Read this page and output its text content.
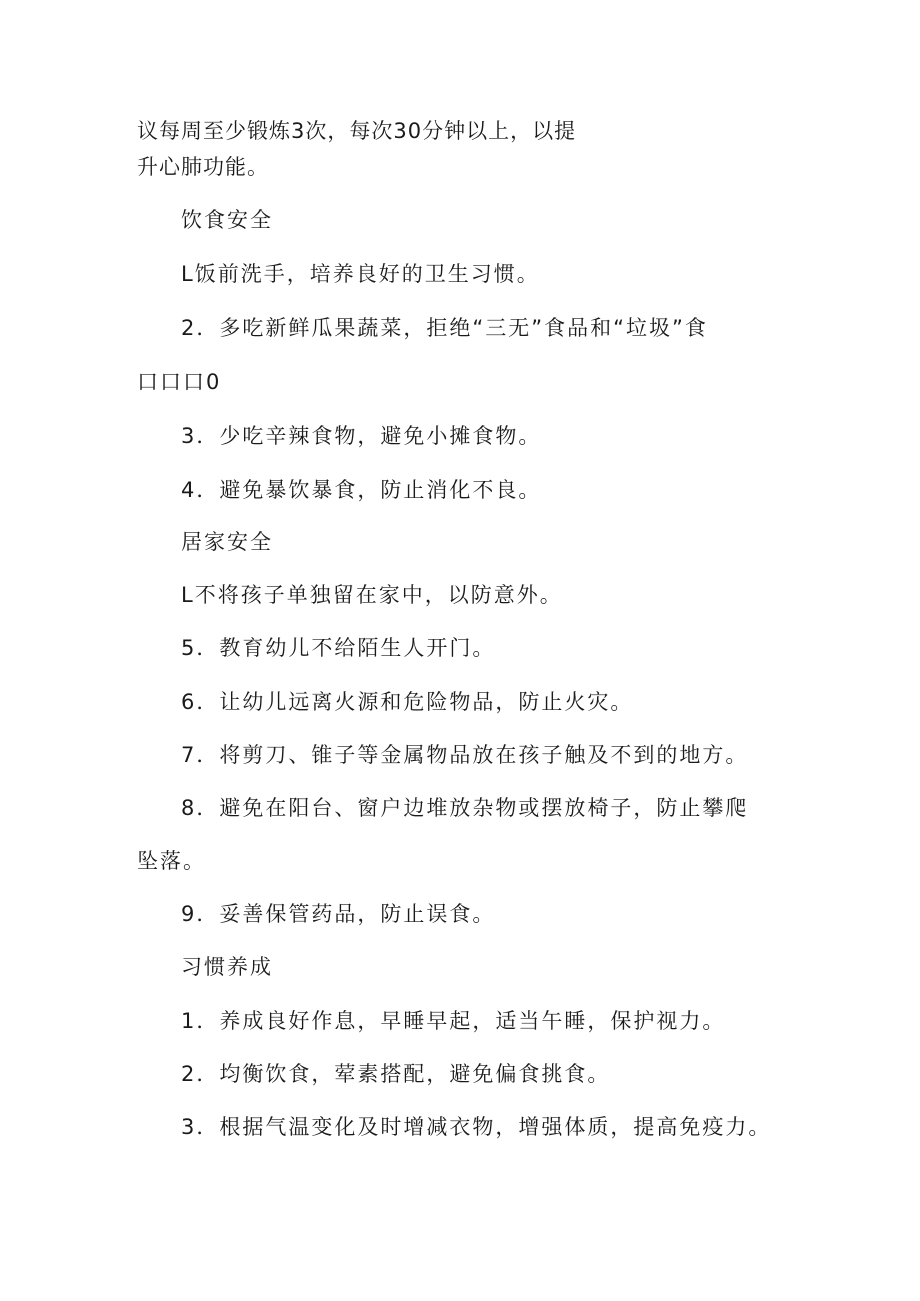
议每周至少锻炼3次，每次30分钟以上，以提
升心肺功能。
饮食安全
L饭前洗手，培养良好的卫生习惯。
2．多吃新鲜瓜果蔬菜，拒绝“三无”食品和“垃圾”食
口口口0
3．少吃辛辣食物，避免小摊食物。
4．避免暴饮暴食，防止消化不良。
居家安全
L不将孩子单独留在家中，以防意外。
5．教育幼儿不给陌生人开门。
6．让幼儿远离火源和危险物品，防止火灾。
7．将剪刀、锥子等金属物品放在孩子触及不到的地方。
8．避免在阳台、窗户边堆放杂物或摆放椅子，防止攀爬
坠落。
9．妥善保管药品，防止误食。
习惯养成
1．养成良好作息，早睡早起，适当午睡，保护视力。
2．均衡饮食，荤素搭配，避免偏食挑食。
3．根据气温变化及时增减衣物，增强体质，提高免疫力。
